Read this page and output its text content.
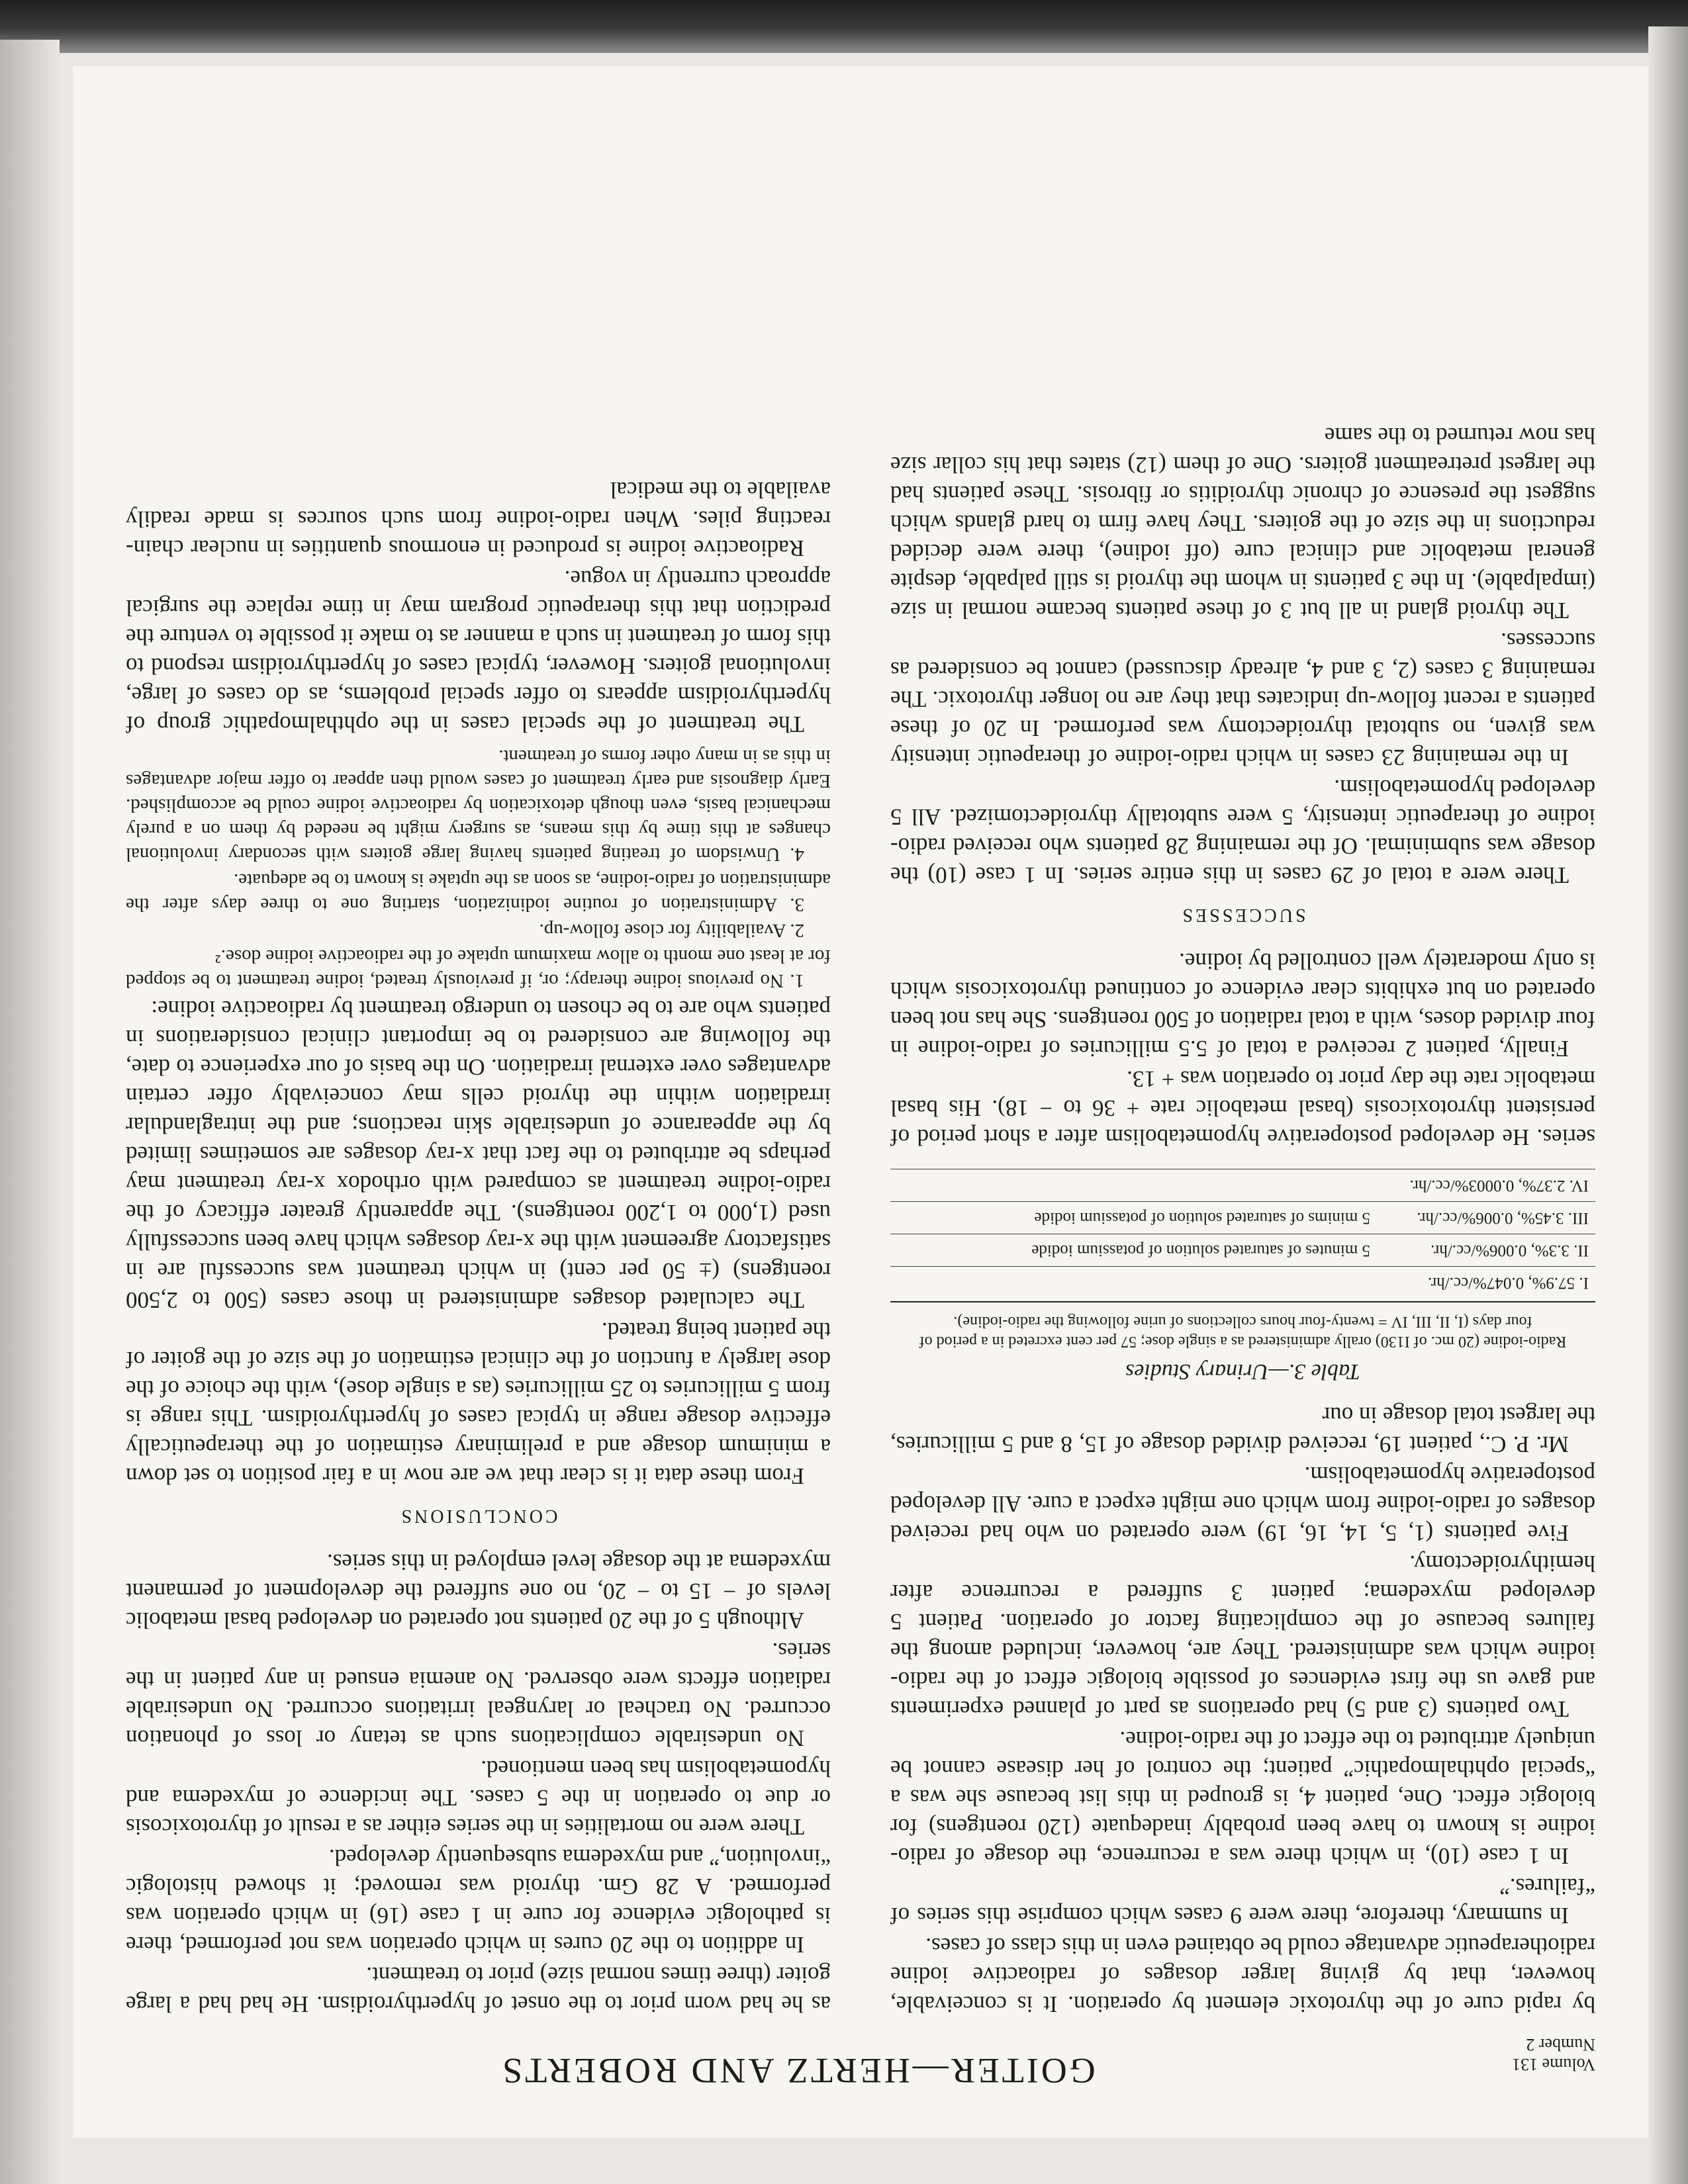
Volume 131
Number 2
GOITER—HERTZ AND ROBERTS

by rapid cure of the thyrotoxic element by operation. It is conceivable, however, that by giving larger dosages of radioactive iodine radiotherapeutic advantage could be obtained even in this class of cases.

In summary, therefore, there were 9 cases which comprise this series of “failures.”

In 1 case (10), in which there was a recurrence, the dosage of radio-iodine is known to have been probably inadequate (120 roentgens) for biologic effect. One, patient 4, is grouped in this list because she was a “special ophthalmopathic” patient; the control of her disease cannot be uniquely attributed to the effect of the radio-iodine.

Two patients (3 and 5) had operations as part of planned experiments and gave us the first evidences of possible biologic effect of the radio-iodine which was administered. They are, however, included among the failures because of the complicating factor of operation. Patient 5 developed myxedema; patient 3 suffered a recurrence after hemithyroidectomy.

Five patients (1, 5, 14, 16, 19) were operated on who had received dosages of radio-iodine from which one might expect a cure. All developed postoperative hypometabolism.

Mr. P. C., patient 19, received divided dosage of 15, 8 and 5 millicuries, the largest total dosage in our

Table 3.—Urinary Studies
Radio-iodine (20 mc. of I130) orally administered as a single dose; 57 per cent excreted in a period of four days (I, II, III, IV = twenty-four hours collections of urine following the radio-iodine).
I. 57.9%, 0.047%/cc./hr.
II. 3.3%, 0.006%/cc./hr.
5 minutes of saturated solution of potassium iodide
III. 3.45%, 0.006%/cc./hr.
5 minims of saturated solution of potassium iodide
IV. 2.37%, 0.0003%/cc./hr.

series. He developed postoperative hypometabolism after a short period of persistent thyrotoxicosis (basal metabolic rate + 36 to − 18). His basal metabolic rate the day prior to operation was + 13.

Finally, patient 2 received a total of 5.5 millicuries of radio-iodine in four divided doses, with a total radiation of 500 roentgens. She has not been operated on but exhibits clear evidence of continued thyrotoxicosis which is only moderately well controlled by iodine.

SUCCESSES

There were a total of 29 cases in this entire series. In 1 case (10) the dosage was subminimal. Of the remaining 28 patients who received radio-iodine of therapeutic intensity, 5 were subtotally thyroidectomized. All 5 developed hypometabolism.

In the remaining 23 cases in which radio-iodine of therapeutic intensity was given, no subtotal thyroidectomy was performed. In 20 of these patients a recent follow-up indicates that they are no longer thyrotoxic. The remaining 3 cases (2, 3 and 4, already discussed) cannot be considered as successes.

The thyroid gland in all but 3 of these patients became normal in size (impalpable). In the 3 patients in whom the thyroid is still palpable, despite general metabolic and clinical cure (off iodine), there were decided reductions in the size of the goiters. They have firm to hard glands which suggest the presence of chronic thyroiditis or fibrosis. These patients had the largest pretreatment goiters. One of them (12) states that his collar size has now returned to the same

as he had worn prior to the onset of hyperthyroidism. He had had a large goiter (three times normal size) prior to treatment.

In addition to the 20 cures in which operation was not performed, there is pathologic evidence for cure in 1 case (16) in which operation was performed. A 28 Gm. thyroid was removed; it showed histologic “involution,” and myxedema subsequently developed.

There were no mortalities in the series either as a result of thyrotoxicosis or due to operation in the 5 cases. The incidence of myxedema and hypometabolism has been mentioned.

No undesirable complications such as tetany or loss of phonation occurred. No tracheal or laryngeal irritations occurred. No undesirable radiation effects were observed. No anemia ensued in any patient in the series.

Although 5 of the 20 patients not operated on developed basal metabolic levels of − 15 to − 20, no one suffered the development of permanent myxedema at the dosage level employed in this series.

CONCLUSIONS

From these data it is clear that we are now in a fair position to set down a minimum dosage and a preliminary estimation of the therapeutically effective dosage range in typical cases of hyperthyroidism. This range is from 5 millicuries to 25 millicuries (as a single dose), with the choice of the dose largely a function of the clinical estimation of the size of the goiter of the patient being treated.

The calculated dosages administered in those cases (500 to 2,500 roentgens) (± 50 per cent) in which treatment was successful are in satisfactory agreement with the x-ray dosages which have been successfully used (1,000 to 1,200 roentgens). The apparently greater efficacy of the radio-iodine treatment as compared with orthodox x-ray treatment may perhaps be attributed to the fact that x-ray dosages are sometimes limited by the appearance of undesirable skin reactions; and the intraglandular irradiation within the thyroid cells may conceivably offer certain advantages over external irradiation. On the basis of our experience to date, the following are considered to be important clinical considerations in patients who are to be chosen to undergo treatment by radioactive iodine:

1. No previous iodine therapy; or, if previously treated, iodine treatment to be stopped for at least one month to allow maximum uptake of the radioactive iodine dose.²
2. Availability for close follow-up.
3. Administration of routine iodinization, starting one to three days after the administration of radio-iodine, as soon as the uptake is known to be adequate.
4. Unwisdom of treating patients having large goiters with secondary involutional changes at this time by this means, as surgery might be needed by them on a purely mechanical basis, even though detoxication by radioactive iodine could be accomplished. Early diagnosis and early treatment of cases would then appear to offer major advantages in this as in many other forms of treatment.

The treatment of the special cases in the ophthalmopathic group of hyperthyroidism appears to offer special problems, as do cases of large, involutional goiters. However, typical cases of hyperthyroidism respond to this form of treatment in such a manner as to make it possible to venture the prediction that this therapeutic program may in time replace the surgical approach currently in vogue.

Radioactive iodine is produced in enormous quantities in nuclear chain-reacting piles. When radio-iodine from such sources is made readily available to the medical
